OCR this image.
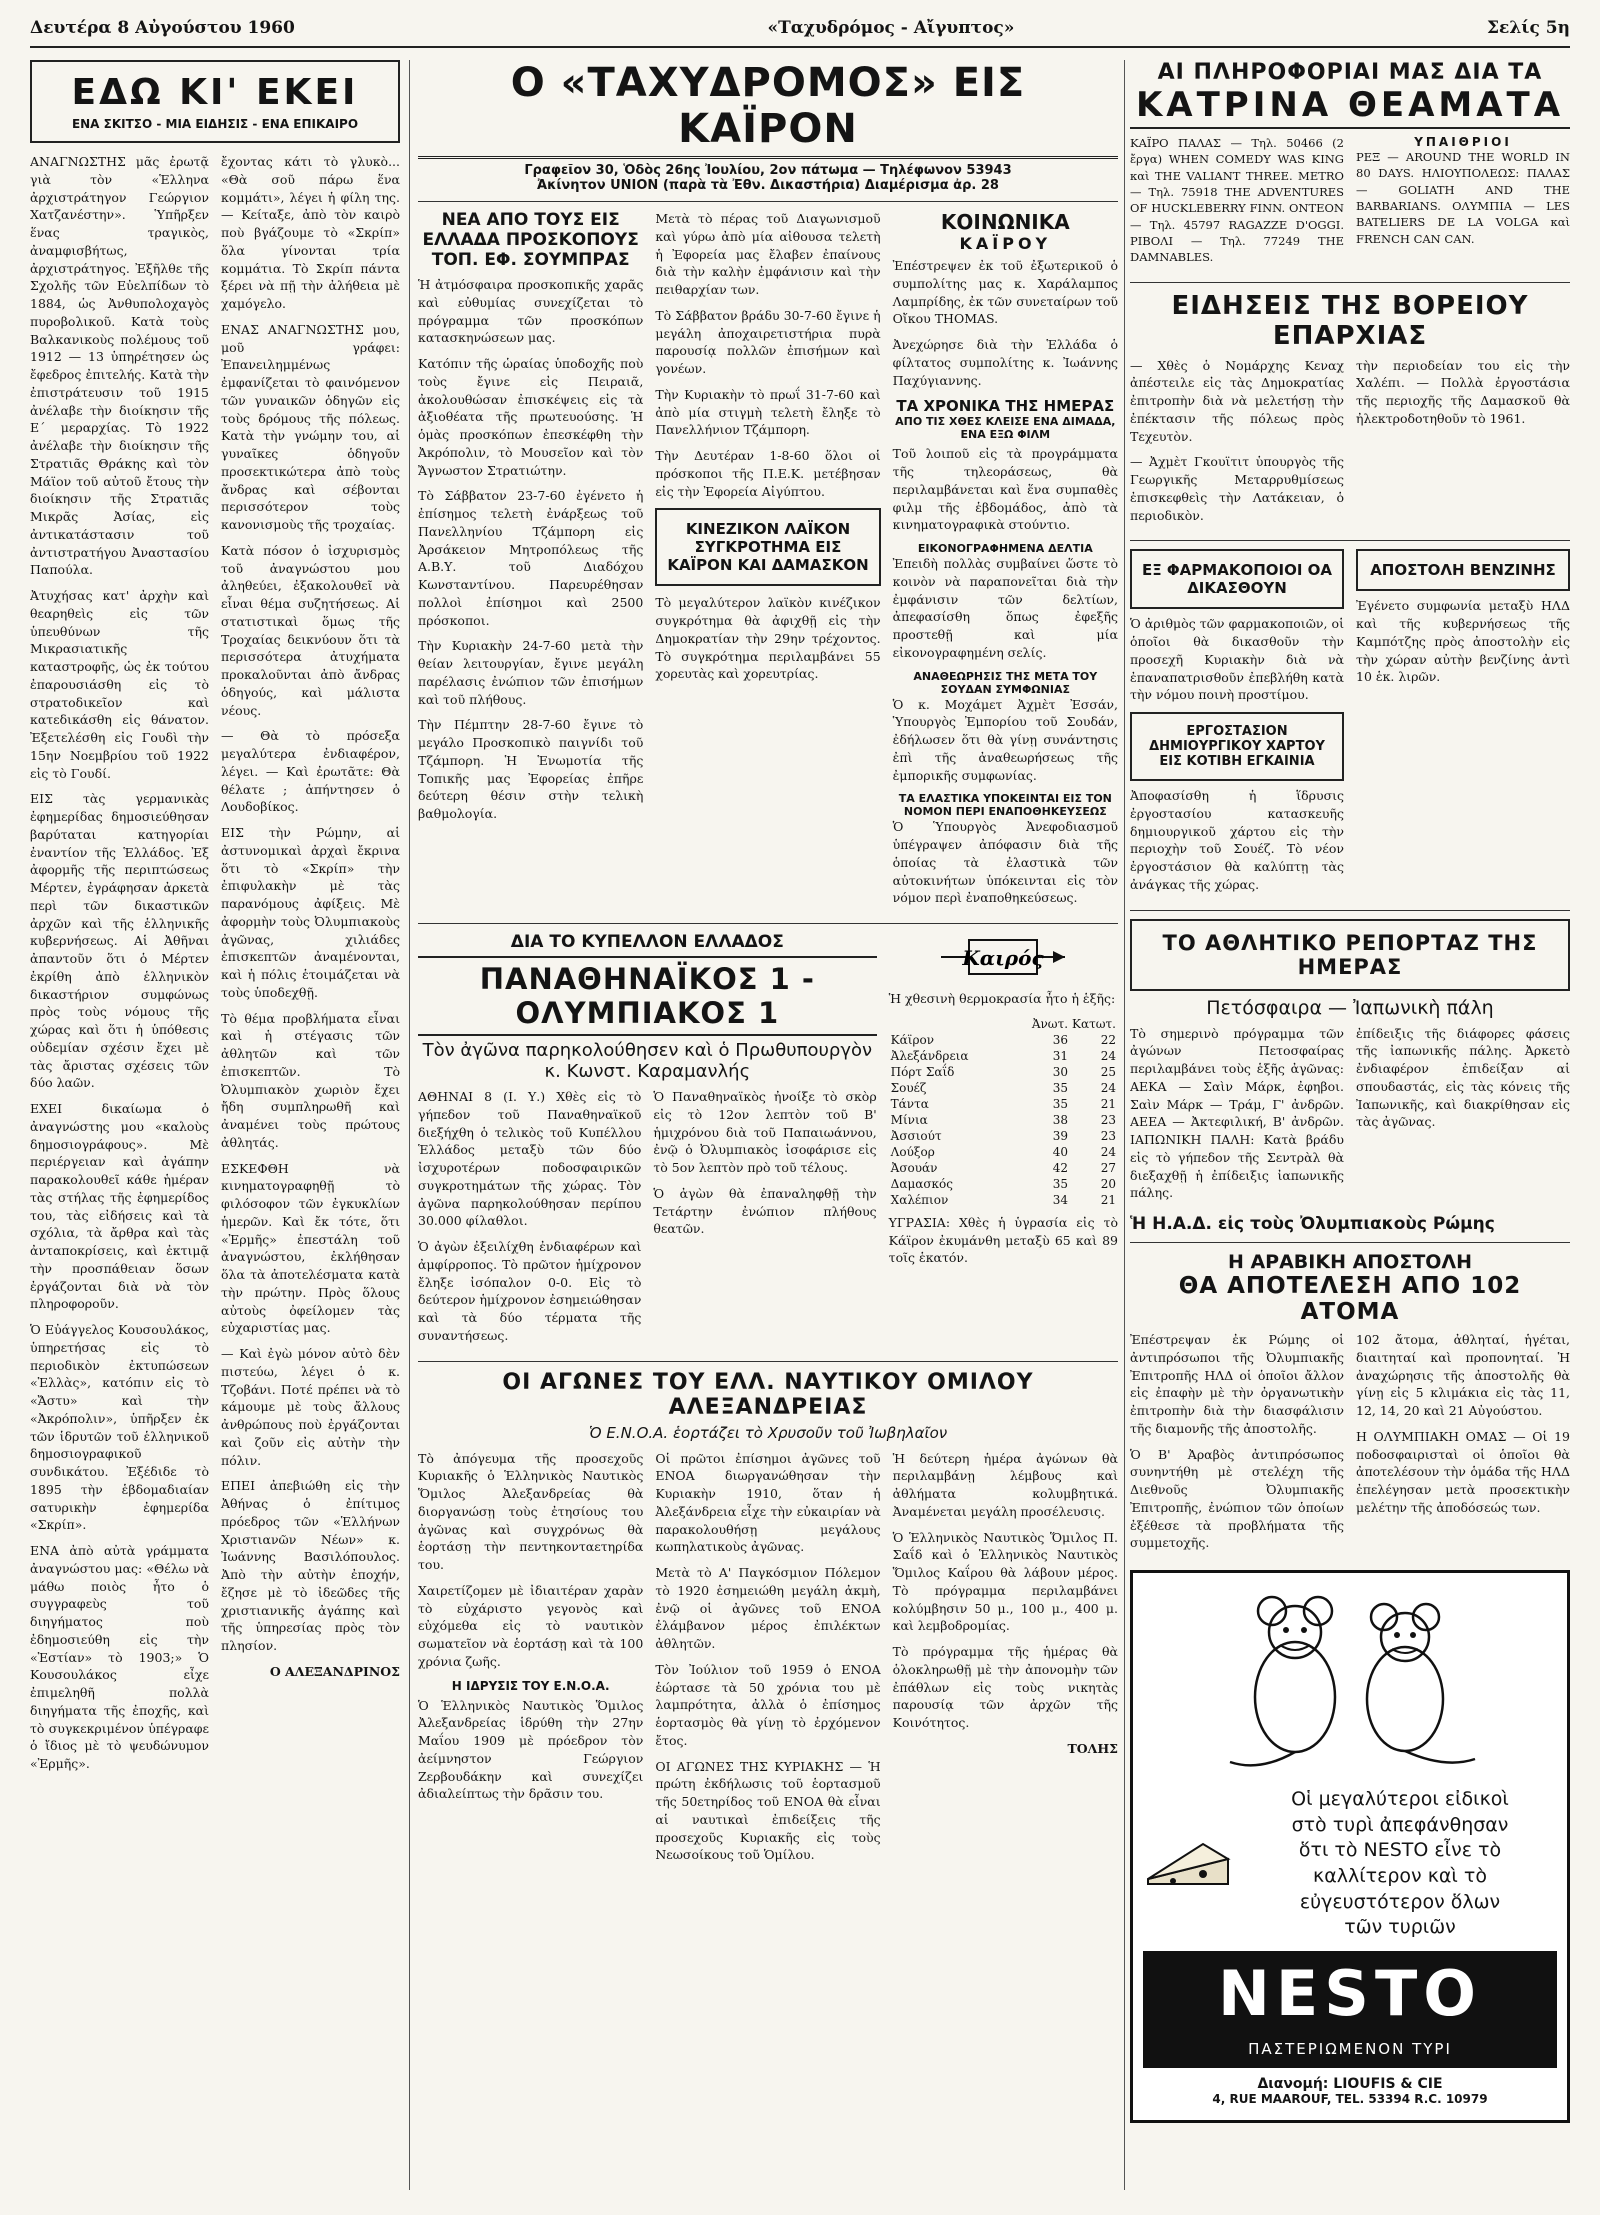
Δευτέρα 8 Αὐγούστου 1960	«Ταχυδρόμος - Αἴγυπτος»	Σελίς 5η
ΕΔΩ ΚΙ' ΕΚΕΙ
ΕΝΑ ΣΚΙΤΣΟ - ΜΙΑ ΕΙΔΗΣΙΣ - ΕΝΑ ΕΠΙΚΑΙΡΟ

ΑΝΑΓΝΩΣΤΗΣ μᾶς ἐρωτᾷ γιὰ τὸν «Ἑλληνα ἀρχιστράτηγον Γεώργιον Χατζανέστην». Ὑπῆρξεν ἕνας τραγικὸς, ἀναμφισβήτως, ἀρχιστράτηγος. Ἐξῆλθε τῆς Σχολῆς τῶν Εὐελπίδων τὸ 1884, ὡς Ἀνθυπολοχαγὸς πυροβολικοῦ. Κατὰ τοὺς Βαλκανικοὺς πολέμους τοῦ 1912 — 13 ὑπηρέτησεν ὡς ἔφεδρος ἐπιτελής. Κατὰ τὴν ἐπιστράτευσιν τοῦ 1915 ἀνέλαβε τὴν διοίκησιν τῆς Ε΄ μεραρχίας. Τὸ 1922 ἀνέλαβε τὴν διοίκησιν τῆς Στρατιᾶς Θράκης καὶ τὸν Μάϊον τοῦ αὐτοῦ ἔτους τὴν διοίκησιν τῆς Στρατιᾶς Μικρᾶς Ἀσίας, εἰς ἀντικατάστασιν τοῦ ἀντιστρατήγου Ἀναστασίου Παπούλα.

Ἀτυχήσας κατ' ἀρχὴν καὶ θεαρηθεὶς εἰς τῶν ὑπευθύνων τῆς Μικρασιατικῆς καταστροφῆς, ὡς ἐκ τούτου ἐπαρουσιάσθη εἰς τὸ στρατοδικεῖον καὶ κατεδικάσθη εἰς θάνατον. Ἐξετελέσθη εἰς Γουδὶ τὴν 15ην Νοεμβρίου τοῦ 1922 εἰς τὸ Γουδί.

ΕΙΣ τὰς γερμανικὰς ἐφημερίδας δημοσιεύθησαν βαρύταται κατηγορίαι ἐναντίον τῆς Ἑλλάδος. Ἐξ ἀφορμῆς τῆς περιπτώσεως Μέρτεν, ἐγράφησαν ἀρκετὰ περὶ τῶν δικαστικῶν ἀρχῶν καὶ τῆς ἑλληνικῆς κυβερνήσεως. Αἱ Ἀθῆναι ἀπαντοῦν ὅτι ὁ Μέρτεν ἐκρίθη ἀπὸ ἑλληνικὸν δικαστήριον συμφώνως πρὸς τοὺς νόμους τῆς χώρας καὶ ὅτι ἡ ὑπόθεσις οὐδεμίαν σχέσιν ἔχει μὲ τὰς ἄριστας σχέσεις τῶν δύο λαῶν.

ΕΧΕΙ δικαίωμα ὁ ἀναγνώστης μου «καλοὺς δημοσιογράφους». Μὲ περιέργειαν καὶ ἀγάπην παρακολουθεῖ κάθε ἡμέραν τὰς στήλας τῆς ἐφημερίδος του, τὰς εἰδήσεις καὶ τὰ σχόλια, τὰ ἄρθρα καὶ τὰς ἀνταποκρίσεις, καὶ ἐκτιμᾷ τὴν προσπάθειαν ὅσων ἐργάζονται διὰ νὰ τὸν πληροφοροῦν.

Ὁ Εὐάγγελος Κουσουλάκος, ὑπηρετήσας εἰς τὸ περιοδικὸν ἐκτυπώσεων «Ἑλλὰς», κατόπιν εἰς τὸ «Ἄστυ» καὶ τὴν «Ἀκρόπολιν», ὑπῆρξεν ἐκ τῶν ἱδρυτῶν τοῦ ἑλληνικοῦ δημοσιογραφικοῦ συνδικάτου. Ἐξέδιδε τὸ 1895 τὴν ἑβδομαδιαίαν σατυρικὴν ἐφημερίδα «Σκρίπ».

ΕΝΑ ἀπὸ αὐτὰ γράμματα ἀναγνώστου μας: «Θέλω νὰ μάθω ποιὸς ἦτο ὁ συγγραφεὺς τοῦ διηγήματος ποὺ ἐδημοσιεύθη εἰς τὴν «Ἑστίαν» τὸ 1903;» Ὁ Κουσουλάκος εἶχε ἐπιμεληθῆ πολλὰ διηγήματα τῆς ἐποχῆς, καὶ τὸ συγκεκριμένον ὑπέγραφε ὁ ἴδιος μὲ τὸ ψευδώνυμον «Ἐρμῆς».

ἔχοντας κάτι τὸ γλυκὸ... «Θὰ σοῦ πάρω ἕνα κομμάτι», λέγει ἡ φίλη της. — Κείταξε, ἀπὸ τὸν καιρὸ ποὺ βγάζουμε τὸ «Σκρίπ» ὅλα γίνονται τρία κομμάτια. Τὸ Σκρίπ πάντα ξέρει νὰ πῇ τὴν ἀλήθεια μὲ χαμόγελο.

ΕΝΑΣ ΑΝΑΓΝΩΣΤΗΣ μου, μοῦ γράφει: Ἐπανειλημμένως ἐμφανίζεται τὸ φαινόμενον τῶν γυναικῶν ὁδηγῶν εἰς τοὺς δρόμους τῆς πόλεως. Κατὰ τὴν γνώμην του, αἱ γυναῖκες ὁδηγοῦν προσεκτικώτερα ἀπὸ τοὺς ἄνδρας καὶ σέβονται περισσότερον τοὺς κανονισμοὺς τῆς τροχαίας.

Κατὰ πόσον ὁ ἰσχυρισμὸς τοῦ ἀναγνώστου μου ἀληθεύει, ἐξακολουθεῖ νὰ εἶναι θέμα συζητήσεως. Αἱ στατιστικαὶ ὅμως τῆς Τροχαίας δεικνύουν ὅτι τὰ περισσότερα ἀτυχήματα προκαλοῦνται ἀπὸ ἄνδρας ὁδηγούς, καὶ μάλιστα νέους.

— Θὰ τὸ πρόσεξα μεγαλύτερα ἐνδιαφέρον, λέγει. — Καὶ ἐρωτᾶτε: Θὰ θέλατε ; ἀπήντησεν ὁ Λουδοβίκος.

ΕΙΣ τὴν Ρώμην, αἱ ἀστυνομικαὶ ἀρχαὶ ἔκρινα ὅτι τὸ «Σκρίπ» τὴν ἐπιφυλακὴν μὲ τὰς παρανόμους ἀφίξεις. Μὲ ἀφορμὴν τοὺς Ὀλυμπιακοὺς ἀγῶνας, χιλιάδες ἐπισκεπτῶν ἀναμένονται, καὶ ἡ πόλις ἑτοιμάζεται νὰ τοὺς ὑποδεχθῇ.

Τὸ θέμα προβλήματα εἶναι καὶ ἡ στέγασις τῶν ἀθλητῶν καὶ τῶν ἐπισκεπτῶν. Τὸ Ὀλυμπιακὸν χωριὸν ἔχει ἤδη συμπληρωθῆ καὶ ἀναμένει τοὺς πρώτους ἀθλητάς.

ΕΣΚΕΦΘΗ νὰ κινηματογραφηθῇ τὸ φιλόσοφον τῶν ἐγκυκλίων ἡμερῶν. Καὶ ἔκ τότε, ὅτι «Ἐρμῆς» ἐπεστάλη τοῦ ἀναγνώστου, ἐκλήθησαν ὅλα τὰ ἀποτελέσματα κατὰ τὴν πρώτην. Πρὸς ὅλους αὐτοὺς ὀφείλομεν τὰς εὐχαριστίας μας.

— Καὶ ἐγὼ μόνον αὐτὸ δὲν πιστεύω, λέγει ὁ κ. Τζοβάνι. Ποτέ πρέπει νὰ τὸ κάμουμε μὲ τοὺς ἄλλους ἀνθρώπους ποὺ ἐργάζονται καὶ ζοῦν εἰς αὐτὴν τὴν πόλιν.

ΕΠΕΙ ἀπεβιώθη εἰς τὴν Ἀθήνας ὁ ἐπίτιμος πρόεδρος τῶν «Ἑλλήνων Χριστιανῶν Νέων» κ. Ἰωάννης Βασιλόπουλος. Ἀπὸ τὴν αὐτὴν ἐποχήν, ἔζησε μὲ τὸ ἰδεῶδες τῆς χριστιανικῆς ἀγάπης καὶ τῆς ὑπηρεσίας πρὸς τὸν πλησίον.

Ο ΑΛΕΞΑΝΔΡΙΝΟΣ

Ο «ΤΑΧΥΔΡΟΜΟΣ» ΕΙΣ ΚΑΪΡΟΝ
Γραφεῖον 30, Ὁδὸς 26ης Ἰουλίου, 2ον πάτωμα — Τηλέφωνον 53943
Ἀκίνητον UNION (παρὰ τὰ Ἐθν. Δικαστήρια) Διαμέρισμα ἀρ. 28
ΝΕΑ ΑΠΟ ΤΟΥΣ ΕΙΣ ΕΛΛΑΔΑ ΠΡΟΣΚΟΠΟΥΣ ΤΟΠ. ΕΦ. ΣΟΥΜΠΡΑΣ

Ἡ ἀτμόσφαιρα προσκοπικῆς χαρᾶς καὶ εὐθυμίας συνεχίζεται τὸ πρόγραμμα τῶν προσκόπων κατασκηνώσεων μας.

Κατόπιν τῆς ὡραίας ὑποδοχῆς ποὺ τοὺς ἔγινε εἰς Πειραιᾶ, ἀκολουθώσαν ἐπισκέψεις εἰς τὰ ἀξιοθέατα τῆς πρωτευούσης. Ἡ ὁμὰς προσκόπων ἐπεσκέφθη τὴν Ἀκρόπολιν, τὸ Μουσεῖον καὶ τὸν Ἄγνωστον Στρατιώτην.

Τὸ Σάββατον 23-7-60 ἐγένετο ἡ ἐπίσημος τελετὴ ἐνάρξεως τοῦ Πανελληνίου Τζάμπορη εἰς Ἀρσάκειον Μητροπόλεως τῆς Α.Β.Υ. τοῦ Διαδόχου Κωνσταντίνου. Παρευρέθησαν πολλοὶ ἐπίσημοι καὶ 2500 πρόσκοποι.

Τὴν Κυριακὴν 24-7-60 μετὰ τὴν θείαν λειτουργίαν, ἔγινε μεγάλη παρέλασις ἐνώπιον τῶν ἐπισήμων καὶ τοῦ πλήθους.

Τὴν Πέμπτην 28-7-60 ἔγινε τὸ μεγάλο Προσκοπικὸ παιγνίδι τοῦ Τζάμπορη. Ἡ Ἑνωμοτία τῆς Τοπικῆς μας Ἐφορείας ἐπῆρε δεύτερη θέσιν στὴν τελικὴ βαθμολογία.

Μετὰ τὸ πέρας τοῦ Διαγωνισμοῦ καὶ γύρω ἀπὸ μία αἰθουσα τελετὴ ἡ Ἐφορεία μας ἔλαβεν ἐπαίνους διὰ τὴν καλὴν ἐμφάνισιν καὶ τὴν πειθαρχίαν των.

Τὸ Σάββατον βράδυ 30-7-60 ἔγινε ἡ μεγάλη ἀποχαιρετιστήρια πυρὰ παρουσίᾳ πολλῶν ἐπισήμων καὶ γονέων.

Τὴν Κυριακὴν τὸ πρωΐ 31-7-60 καὶ ἀπὸ μία στιγμὴ τελετὴ ἔληξε τὸ Πανελλήνιον Τζάμπορη.

Τὴν Δευτέραν 1-8-60 ὅλοι οἱ πρόσκοποι τῆς Π.Ε.Κ. μετέβησαν εἰς τὴν Ἐφορεία Αἰγύπτου.

ΚΙΝΕΖΙΚΟΝ ΛΑΪΚΟΝ ΣΥΓΚΡΟΤΗΜΑ ΕΙΣ ΚΑΪΡΟΝ ΚΑΙ ΔΑΜΑΣΚΟΝ

Τὸ μεγαλύτερον λαϊκὸν κινέζικον συγκρότημα θὰ ἀφιχθῇ εἰς τὴν Δημοκρατίαν τὴν 29ην τρέχοντος. Τὸ συγκρότημα περιλαμβάνει 55 χορευτὰς καὶ χορευτρίας.

ΚΟΙΝΩΝΙΚΑ
ΚΑΪΡΟΥ

Ἐπέστρεψεν ἐκ τοῦ ἐξωτερικοῦ ὁ συμπολίτης μας κ. Χαράλαμπος Λαμπρίδης, ἐκ τῶν συνεταίρων τοῦ Οἴκου THOMAS.

Ἀνεχώρησε διὰ τὴν Ἑλλάδα ὁ φίλτατος συμπολίτης κ. Ἰωάννης Παχύγιαννης.

ΤΑ ΧΡΟΝΙΚΑ ΤΗΣ ΗΜΕΡΑΣ
ΑΠΟ ΤΙΣ ΧΘΕΣ ΚΛΕΙΣΕ ΕΝΑ ΔΙΜΑΔΑ, ΕΝΑ ΕΞΩ ΦΙΛΜ

Τοῦ λοιποῦ εἰς τὰ προγράμματα τῆς τηλεοράσεως, θὰ περιλαμβάνεται καὶ ἕνα συμπαθὲς φιλμ τῆς ἑβδομάδος, ἀπὸ τὰ κινηματογραφικὰ στούντιο.

ΕΙΚΟΝΟΓΡΑΦΗΜΕΝΑ ΔΕΛΤΙΑ

Ἐπειδὴ πολλὰς συμβαίνει ὥστε τὸ κοινὸν νὰ παραπονεῖται διὰ τὴν ἐμφάνισιν τῶν δελτίων, ἀπεφασίσθη ὅπως ἐφεξῆς προστεθῇ καὶ μία εἰκονογραφημένη σελίς.

ΑΝΑΘΕΩΡΗΣΙΣ ΤΗΣ ΜΕΤΑ ΤΟΥ ΣΟΥΔΑΝ ΣΥΜΦΩΝΙΑΣ

Ὁ κ. Μοχάμετ Ἀχμὲτ Ἐσσάν, Ὑπουργὸς Ἐμπορίου τοῦ Σουδάν, ἐδήλωσεν ὅτι θὰ γίνῃ συνάντησις ἐπὶ τῆς ἀναθεωρήσεως τῆς ἐμπορικῆς συμφωνίας.

ΤΑ ΕΛΑΣΤΙΚΑ ΥΠΟΚΕΙΝΤΑΙ ΕΙΣ ΤΟΝ ΝΟΜΟΝ ΠΕΡΙ ΕΝΑΠΟΘΗΚΕΥΣΕΩΣ

Ὁ Ὑπουργὸς Ἀνεφοδιασμοῦ ὑπέγραψεν ἀπόφασιν διὰ τῆς ὁποίας τὰ ἐλαστικὰ τῶν αὐτοκινήτων ὑπόκεινται εἰς τὸν νόμον περὶ ἐναποθηκεύσεως.

ΔΙΑ ΤΟ ΚΥΠΕΛΛΟΝ ΕΛΛΑΔΟΣ
ΠΑΝΑΘΗΝΑΪΚΟΣ 1 - ΟΛΥΜΠΙΑΚΟΣ 1
Τὸν ἀγῶνα παρηκολούθησεν καὶ ὁ Πρωθυπουργὸν κ. Κωνστ. Καραμανλής

ΑΘΗΝΑΙ 8 (Ι. Υ.) Χθὲς εἰς τὸ γήπεδον τοῦ Παναθηναϊκοῦ διεξήχθη ὁ τελικὸς τοῦ Κυπέλλου Ἑλλάδος μεταξὺ τῶν δύο ἰσχυροτέρων ποδοσφαιρικῶν συγκροτημάτων τῆς χώρας. Τὸν ἀγῶνα παρηκολούθησαν περίπου 30.000 φίλαθλοι.

Ὁ ἀγὼν ἐξειλίχθη ἐνδιαφέρων καὶ ἀμφίρροπος. Τὸ πρῶτον ἡμίχρονον ἔληξε ἰσόπαλον 0-0. Εἰς τὸ δεύτερον ἡμίχρονον ἐσημειώθησαν καὶ τὰ δύο τέρματα τῆς συναντήσεως.

Ὁ Παναθηναϊκὸς ἠνοίξε τὸ σκὸρ εἰς τὸ 12ον λεπτὸν τοῦ Β' ἡμιχρόνου διὰ τοῦ Παπαιωάννου, ἐνῷ ὁ Ὀλυμπιακὸς ἰσοφάρισε εἰς τὸ 5ον λεπτὸν πρὸ τοῦ τέλους.

Ὁ ἀγὼν θὰ ἐπαναληφθῇ τὴν Τετάρτην ἐνώπιον πλήθους θεατῶν.

Καιρός

Ἡ χθεσινὴ θερμοκρασία ἦτο ἡ ἑξῆς:

	Ἀνωτ.	Κατωτ.
Κάϊρον	36	22
Ἀλεξάνδρεια	31	24
Πόρτ Σαΐδ	30	25
Σουέζ	35	24
Τάντα	35	21
Μίνια	38	23
Ἀσσιούτ	39	23
Λούξορ	40	24
Ἀσουάν	42	27
Δαμασκός	35	20
Χαλέπιον	34	21

ΥΓΡΑΣΙΑ: Χθὲς ἡ ὑγρασία εἰς τὸ Κάϊρον ἐκυμάνθη μεταξὺ 65 καὶ 89 τοῖς ἑκατόν.

ΟΙ ΑΓΩΝΕΣ ΤΟΥ ΕΛΛ. ΝΑΥΤΙΚΟΥ ΟΜΙΛΟΥ ΑΛΕΞΑΝΔΡΕΙΑΣ
Ὁ Ε.Ν.Ο.Α. ἑορτάζει τὸ Χρυσοῦν τοῦ Ἰωβηλαῖον

Τὸ ἀπόγευμα τῆς προσεχοῦς Κυριακῆς ὁ Ἑλληνικὸς Ναυτικὸς Ὅμιλος Ἀλεξανδρείας θὰ διοργανώσῃ τοὺς ἐτησίους του ἀγῶνας καὶ συγχρόνως θὰ ἑορτάσῃ τὴν πεντηκονταετηρίδα του.

Χαιρετίζομεν μὲ ἰδιαιτέραν χαρὰν τὸ εὐχάριστο γεγονὸς καὶ εὐχόμεθα εἰς τὸ ναυτικὸν σωματεῖον νὰ ἑορτάσῃ καὶ τὰ 100 χρόνια ζωῆς.

Η ΙΔΡΥΣΙΣ ΤΟΥ Ε.Ν.Ο.Α.

Ὁ Ἑλληνικὸς Ναυτικὸς Ὅμιλος Ἀλεξανδρείας ἱδρύθη τὴν 27ην Μαΐου 1909 μὲ πρόεδρον τὸν ἀείμνηστον Γεώργιον Ζερβουδάκην καὶ συνεχίζει ἀδιαλείπτως τὴν δρᾶσιν του.

Οἱ πρῶτοι ἐπίσημοι ἀγῶνες τοῦ ΕΝΟΑ διωργανώθησαν τὴν Κυριακὴν 1910, ὅταν ἡ Ἀλεξάνδρεια εἶχε τὴν εὐκαιρίαν νὰ παρακολουθήσῃ μεγάλους κωπηλατικοὺς ἀγῶνας.

Μετὰ τὸ Α' Παγκόσμιον Πόλεμον τὸ 1920 ἐσημειώθη μεγάλη ἀκμὴ, ἐνῷ οἱ ἀγῶνες τοῦ ΕΝΟΑ ἐλάμβανον μέρος ἐπιλέκτων ἀθλητῶν.

Τὸν Ἰούλιον τοῦ 1959 ὁ ΕΝΟΑ ἑώρτασε τὰ 50 χρόνια του μὲ λαμπρότητα, ἀλλὰ ὁ ἐπίσημος ἑορτασμὸς θὰ γίνῃ τὸ ἐρχόμενον ἔτος.

ΟΙ ΑΓΩΝΕΣ ΤΗΣ ΚΥΡΙΑΚΗΣ — Ἡ πρώτη ἐκδήλωσις τοῦ ἑορτασμοῦ τῆς 50ετηρίδος τοῦ ΕΝΟΑ θὰ εἶναι αἱ ναυτικαὶ ἐπιδείξεις τῆς προσεχοῦς Κυριακῆς εἰς τοὺς Νεωσοίκους τοῦ Ὁμίλου.

Ἡ δεύτερη ἡμέρα ἀγώνων θὰ περιλαμβάνῃ λέμβους καὶ ἀθλήματα κολυμβητικά. Ἀναμένεται μεγάλη προσέλευσις.

Ὁ Ἑλληνικὸς Ναυτικὸς Ὅμιλος Π. Σαΐδ καὶ ὁ Ἑλληνικὸς Ναυτικὸς Ὅμιλος Καΐρου θὰ λάβουν μέρος. Τὸ πρόγραμμα περιλαμβάνει κολύμβησιν 50 μ., 100 μ., 400 μ. καὶ λεμβοδρομίας.

Τὸ πρόγραμμα τῆς ἡμέρας θὰ ὁλοκληρωθῇ μὲ τὴν ἀπονομὴν τῶν ἐπάθλων εἰς τοὺς νικητὰς παρουσίᾳ τῶν ἀρχῶν τῆς Κοινότητος.

ΤΟΛΗΣ

ΑΙ ΠΛΗΡΟΦΟΡΙΑΙ ΜΑΣ ΔΙΑ ΤΑ
ΚΑΤΡΙΝΑ ΘΕΑΜΑΤΑ

ΚΑΪΡΟ ΠΑΛΑΣ — Τηλ. 50466 (2 ἔργα) WHEN COMEDY WAS KING καὶ THE VALIANT THREE. METRO — Τηλ. 75918 THE ADVENTURES OF HUCKLEBERRY FINN. ΟΝΤΕΟΝ — Τηλ. 45797 RAGAZZE D'OGGI. ΡΙΒΟΛΙ — Τηλ. 77249 THE DAMNABLES.

ΥΠΑΙΘΡΙΟΙ

ΡΕΞ — AROUND THE WORLD IN 80 DAYS. ΗΛΙΟΥΠΟΛΕΩΣ: ΠΑΛΑΣ — GOLIATH AND THE BARBARIANS. ΟΛΥΜΠΙΑ — LES BATELIERS DE LA VOLGA καὶ FRENCH CAN CAN.

ΕΙΔΗΣΕΙΣ ΤΗΣ ΒΟΡΕΙΟΥ ΕΠΑΡΧΙΑΣ

— Χθὲς ὁ Νομάρχης Κεναχ ἀπέστειλε εἰς τὰς Δημοκρατίας ἐπιτροπὴν διὰ νὰ μελετήσῃ τὴν ἐπέκτασιν τῆς πόλεως πρὸς Τεχευτὸν.

— Ἀχμὲτ Γκουϊτιτ ὑπουργὸς τῆς Γεωργικῆς Μεταρρυθμίσεως ἐπισκεφθεὶς τὴν Λατάκειαν, ὁ περιοδικὸν.

τὴν περιοδείαν του εἰς τὴν Χαλέπι. — Πολλὰ ἐργοστάσια τῆς περιοχῆς τῆς Δαμασκοῦ θὰ ἠλεκτροδοτηθοῦν τὸ 1961.

ΕΞ ΦΑΡΜΑΚΟΠΟΙΟΙ ΟΑ ΔΙΚΑΣΘΟΥΝ

Ὁ ἀριθμὸς τῶν φαρμακοποιῶν, οἱ ὁποῖοι θὰ δικασθοῦν τὴν προσεχῆ Κυριακὴν διὰ νὰ ἐπαναπατρισθοῦν ἐπεβλήθη κατὰ τὴν νόμου ποινὴ προστίμου.

ΕΡΓΟΣΤΑΣΙΟΝ ΔΗΜΙΟΥΡΓΙΚΟΥ ΧΑΡΤΟΥ ΕΙΣ ΚΟΤΙΒΗ ΕΓΚΑΙΝΙΑ

Ἀποφασίσθη ἡ ἵδρυσις ἐργοστασίου κατασκευῆς δημιουργικοῦ χάρτου εἰς τὴν περιοχὴν τοῦ Σουέζ. Τὸ νέον ἐργοστάσιον θὰ καλύπτῃ τὰς ἀνάγκας τῆς χώρας.

ΑΠΟΣΤΟΛΗ ΒΕΝΖΙΝΗΣ

Ἐγένετο συμφωνία μεταξὺ ΗΛΔ καὶ τῆς κυβερνήσεως τῆς Καμπότζης πρὸς ἀποστολὴν εἰς τὴν χώραν αὐτὴν βενζίνης ἀντὶ 10 ἑκ. λιρῶν.

ΤΟ ΑΘΛΗΤΙΚΟ ΡΕΠΟΡΤΑΖ ΤΗΣ ΗΜΕΡΑΣ
Πετόσφαιρα — Ἰαπωνικὴ πάλη

Τὸ σημερινὸ πρόγραμμα τῶν ἀγώνων Πετοσφαίρας περιλαμβάνει τοὺς ἑξῆς ἀγῶνας: ΑΕΚΑ — Σαὶν Μάρκ, ἐφηβοι. Σαὶν Μάρκ — Τράμ, Γ' ἀνδρῶν. ΑΕΕΑ — Ἀκτεφιλική, Β' ἀνδρῶν. ΙΑΠΩΝΙΚΗ ΠΑΛΗ: Κατὰ βράδυ εἰς τὸ γήπεδον τῆς Σεντρὰλ θὰ διεξαχθῇ ἡ ἐπίδειξις ἰαπωνικῆς πάλης.

ἐπίδειξις τῆς διάφορες φάσεις τῆς ἰαπωνικῆς πάλης. Ἀρκετὸ ἐνδιαφέρον ἐπιδείξαν αἱ σπουδαστάς, εἰς τὰς κόνεις τῆς Ἰαπωνικῆς, καὶ διακρίθησαν εἰς τὰς ἀγῶνας.

Ἡ Η.Α.Δ. εἰς τοὺς Ὀλυμπιακοὺς Ρώμης
Η ΑΡΑΒΙΚΗ ΑΠΟΣΤΟΛΗ
ΘΑ ΑΠΟΤΕΛΕΣΗ ΑΠΟ 102 ΑΤΟΜΑ

Ἐπέστρεψαν ἐκ Ρώμης οἱ ἀντιπρόσωποι τῆς Ὀλυμπιακῆς Ἐπιτροπῆς ΗΛΔ οἱ ὁποῖοι ἄλλον εἰς ἐπαφὴν μὲ τὴν ὀργανωτικὴν ἐπιτροπὴν διὰ τὴν διασφάλισιν τῆς διαμονῆς τῆς ἀποστολῆς.

Ὁ Β' Ἀραβὸς ἀντιπρόσωπος συνηντήθη μὲ στελέχη τῆς Διεθνοῦς Ὀλυμπιακῆς Ἐπιτροπῆς, ἐνώπιον τῶν ὁποίων ἐξέθεσε τὰ προβλήματα τῆς συμμετοχῆς.

102 ἄτομα, ἀθληταί, ἡγέται, διαιτηταί καὶ προπονηταί. Ἡ ἀναχώρησις τῆς ἀποστολῆς θὰ γίνῃ εἰς 5 κλιμάκια εἰς τὰς 11, 12, 14, 20 καὶ 21 Αὐγούστου.

Η ΟΛΥΜΠΙΑΚΗ ΟΜΑΣ — Οἱ 19 ποδοσφαιρισταὶ οἱ ὁποῖοι θὰ ἀποτελέσουν τὴν ὁμάδα τῆς ΗΛΔ ἐπελέγησαν μετὰ προσεκτικὴν μελέτην τῆς ἀποδόσεώς των.

Οἱ μεγαλύτεροι εἰδικοὶ
στὸ τυρὶ ἀπεφάνθησαν
ὅτι τὸ NESTO εἶνε τὸ
καλλίτερον καὶ τὸ
εὐγευστότερον ὅλων
τῶν τυριῶν
NESTO
ΠΑΣΤΕΡΙΩΜΕΝΟΝ ΤΥΡΙ
Διανομή: LIOUFIS & CIE
4, RUE MAAROUF, TEL. 53394 R.C. 10979
